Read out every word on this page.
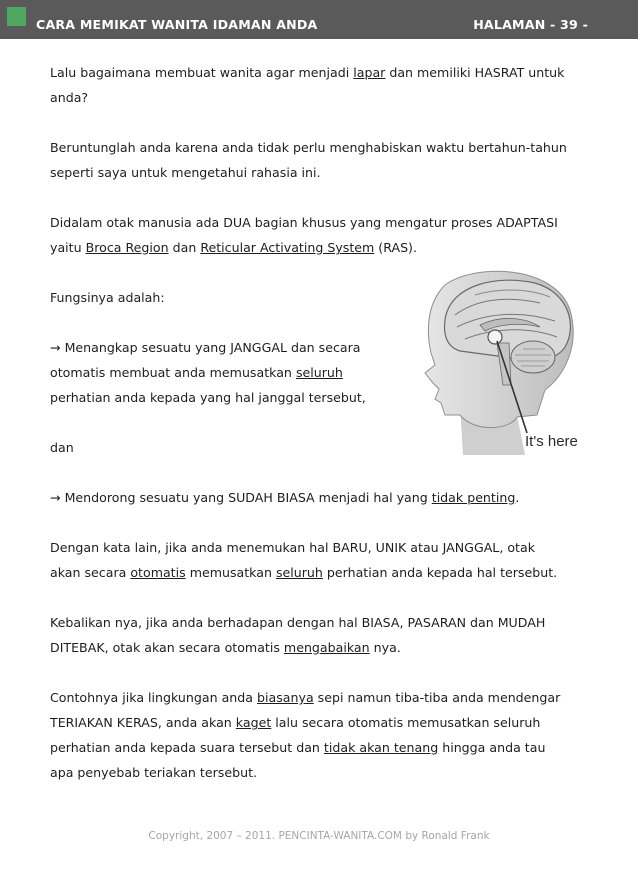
CARA MEMIKAT WANITA IDAMAN ANDA	HALAMAN - 39 -
Lalu bagaimana membuat wanita agar menjadi lapar dan memiliki HASRAT untuk
anda?
Beruntunglah anda karena anda tidak perlu menghabiskan waktu bertahun-tahun
seperti saya untuk mengetahui rahasia ini.
Didalam otak manusia ada DUA bagian khusus yang mengatur proses ADAPTASI
yaitu Broca Region dan Reticular Activating System (RAS).
Fungsinya adalah:
→ Menangkap sesuatu yang JANGGAL dan secara
otomatis membuat anda memusatkan seluruh
perhatian anda kepada yang hal janggal tersebut,
dan
→ Mendorong sesuatu yang SUDAH BIASA menjadi hal yang tidak penting.
Dengan kata lain, jika anda menemukan hal BARU, UNIK atau JANGGAL, otak
akan secara otomatis memusatkan seluruh perhatian anda kepada hal tersebut.
Kebalikan nya, jika anda berhadapan dengan hal BIASA, PASARAN dan MUDAH
DITEBAK, otak akan secara otomatis mengabaikan nya.
Contohnya jika lingkungan anda biasanya sepi namun tiba-tiba anda mendengar
TERIAKAN KERAS, anda akan kaget lalu secara otomatis memusatkan seluruh
perhatian anda kepada suara tersebut dan tidak akan tenang hingga anda tau
apa penyebab teriakan tersebut.
It's here
Copyright, 2007 – 2011. PENCINTA-WANITA.COM by Ronald Frank
